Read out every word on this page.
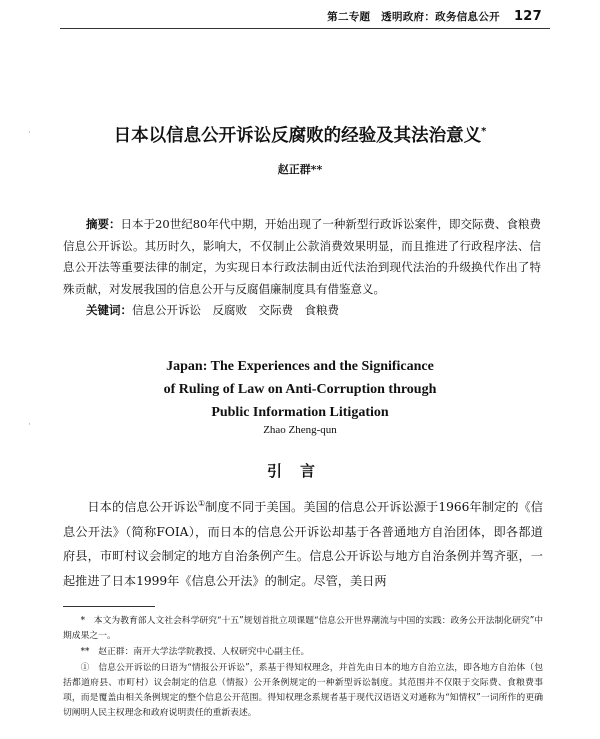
第二专题　透明政府：政务信息公开 127
·
·
日本以信息公开诉讼反腐败的经验及其法治意义*
赵正群**

摘要：日本于20世纪80年代中期，开始出现了一种新型行政诉讼案件，即交际费、食粮费信息公开诉讼。其历时久，影响大，不仅制止公款消费效果明显，而且推进了行政程序法、信息公开法等重要法律的制定，为实现日本行政法制由近代法治到现代法治的升级换代作出了特殊贡献，对发展我国的信息公开与反腐倡廉制度具有借鉴意义。

关键词：信息公开诉讼　反腐败　交际费　食粮费

Japan: The Experiences and the Significance
of Ruling of Law on Anti-Corruption through
Public Information Litigation
Zhao Zheng-qun
引言
日本的信息公开诉讼①制度不同于美国。美国的信息公开诉讼源于1966年制定的《信息公开法》（简称FOIA），而日本的信息公开诉讼却基于各普通地方自治团体，即各都道府县，市町村议会制定的地方自治条例产生。信息公开诉讼与地方自治条例并驾齐驱，一起推进了日本1999年《信息公开法》的制定。尽管，美日两

*　本文为教育部人文社会科学研究“十五”规划首批立项课题“信息公开世界潮流与中国的实践：政务公开法制化研究”中期成果之一。

**　赵正群：南开大学法学院教授、人权研究中心副主任。

①　信息公开诉讼的日语为“情报公开诉讼”，系基于得知权理念，并首先由日本的地方自治立法，即各地方自治体（包括都道府县、市町村）议会制定的信息（情报）公开条例规定的一种新型诉讼制度。其范围并不仅限于交际费、食粮费事项，而是覆盖由相关条例规定的整个信息公开范围。得知权理念系规者基于现代汉语语义对通称为“知情权”一词所作的更确切阐明人民主权理念和政府说明责任的重新表述。
